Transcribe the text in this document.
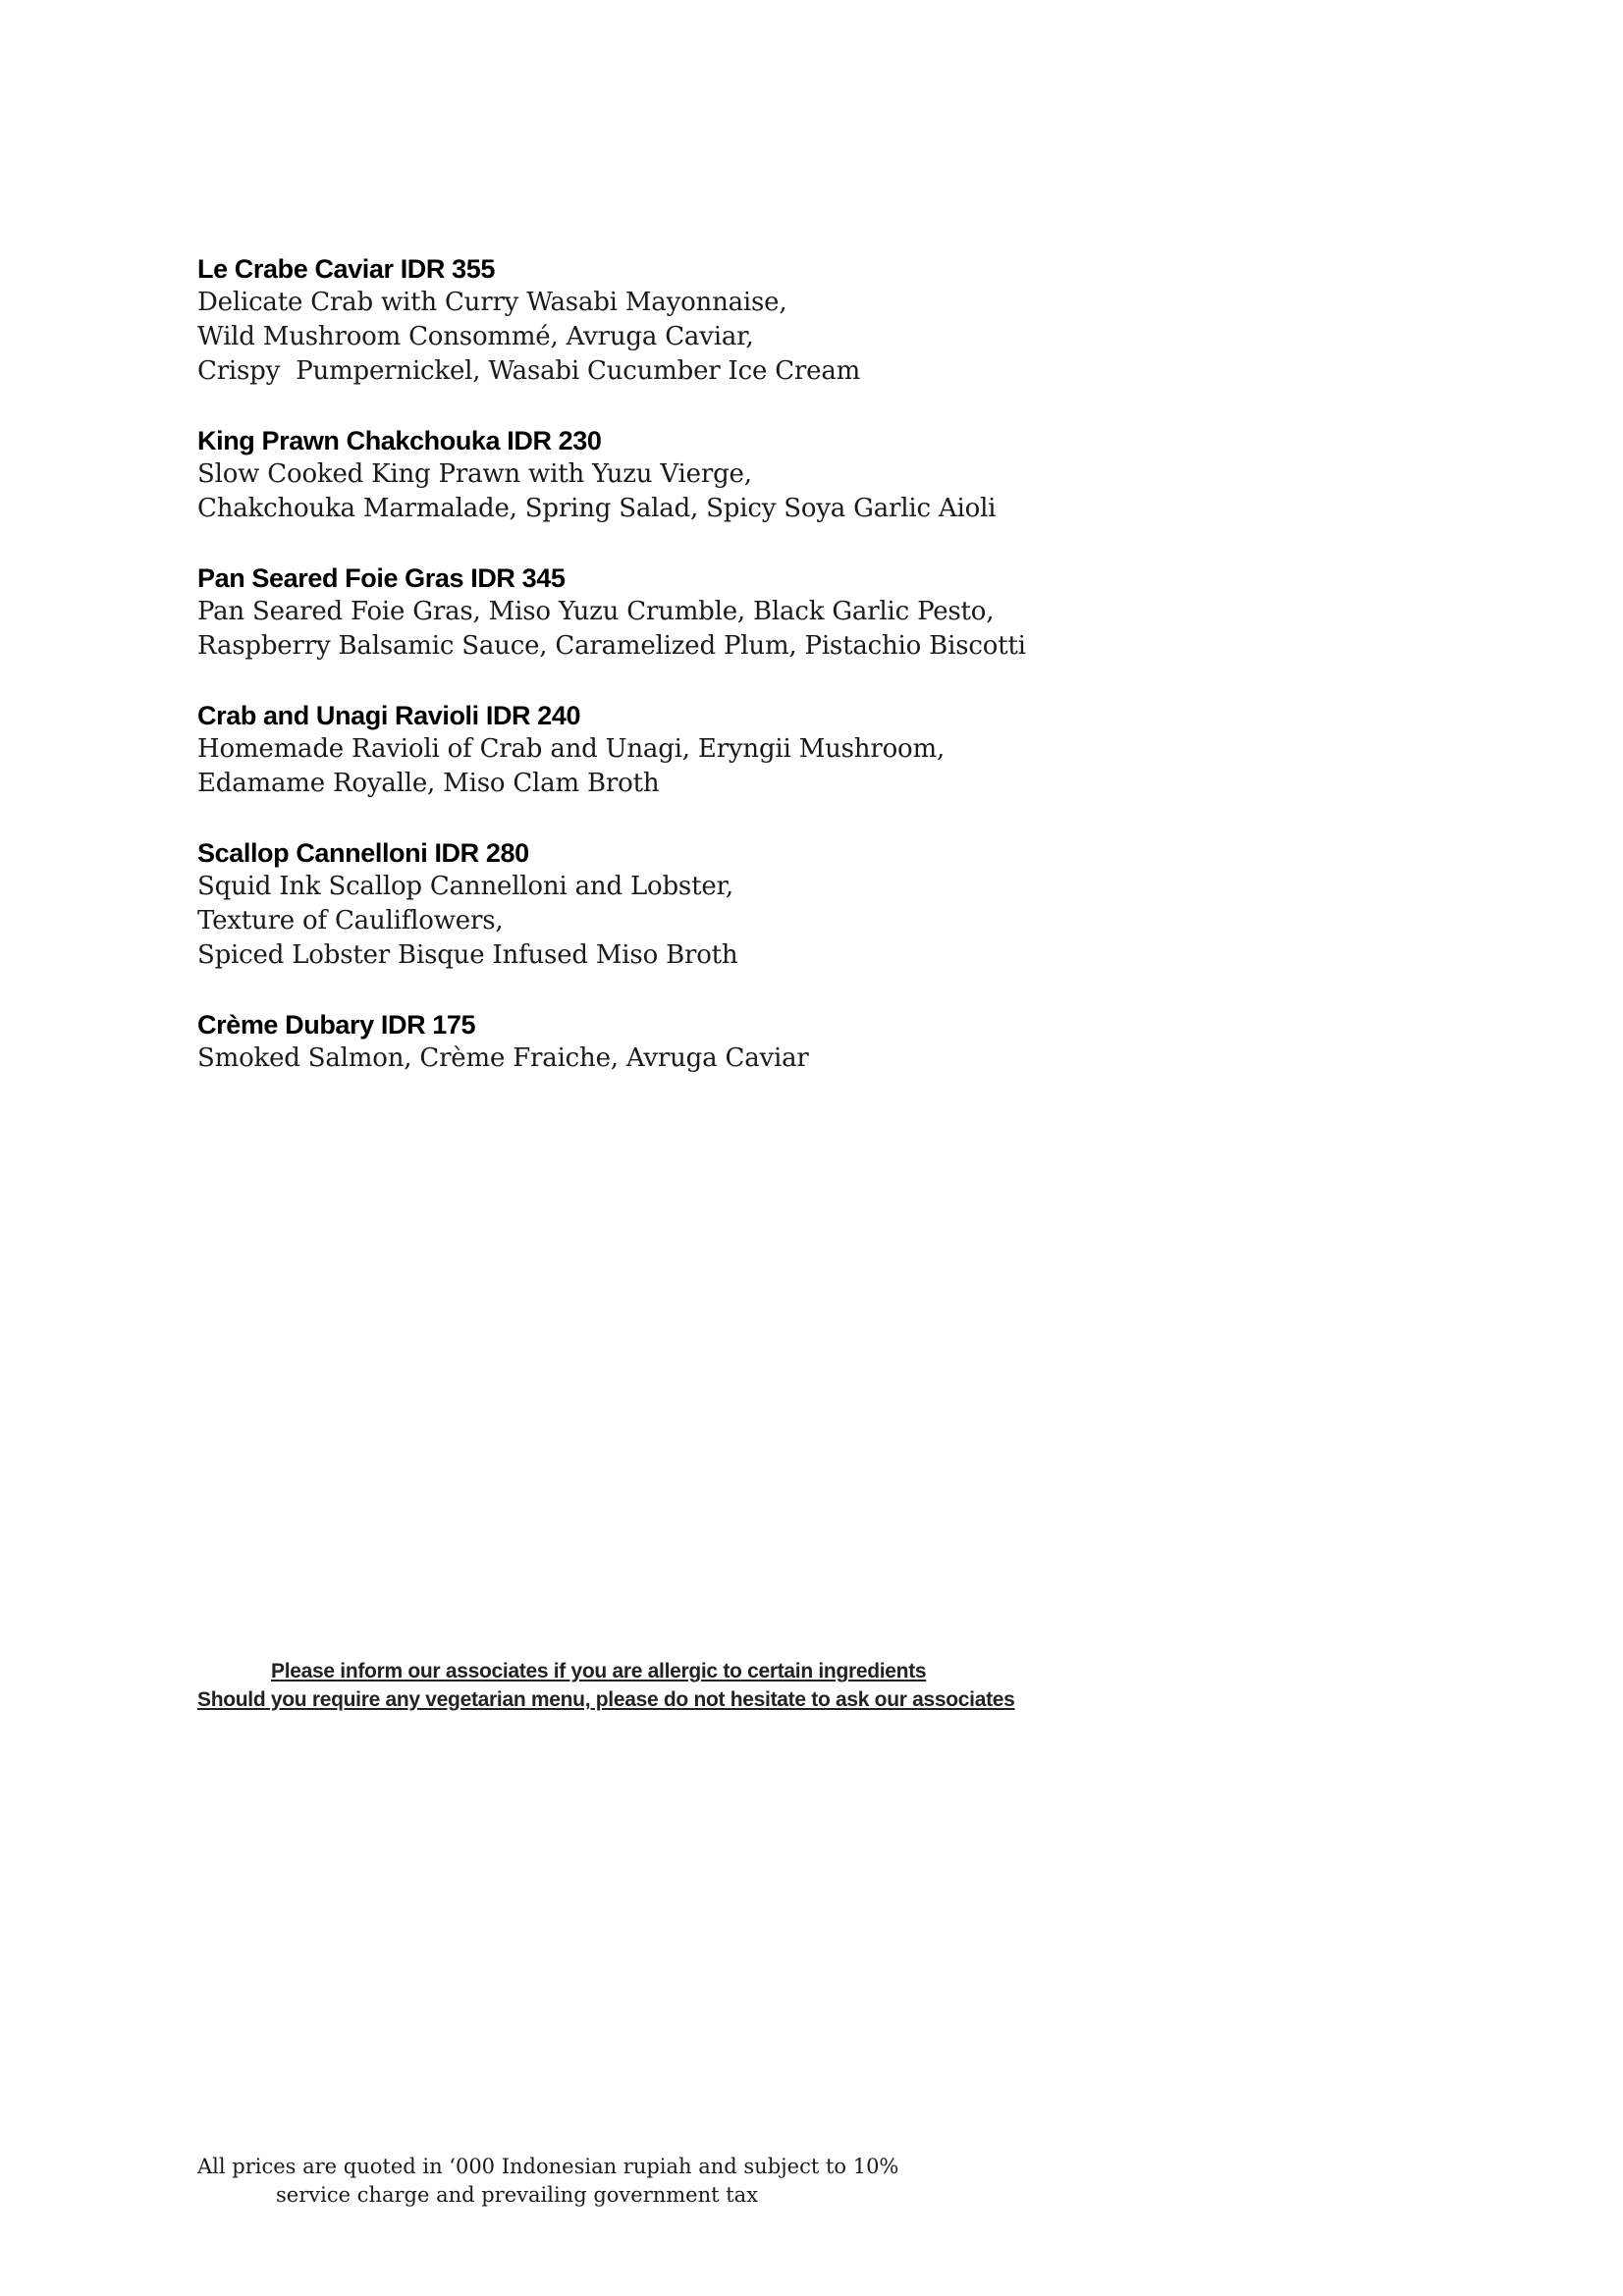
Le Crabe Caviar IDR 355
Delicate Crab with Curry Wasabi Mayonnaise,
Wild Mushroom Consommé, Avruga Caviar,
Crispy  Pumpernickel, Wasabi Cucumber Ice Cream
King Prawn Chakchouka IDR 230
Slow Cooked King Prawn with Yuzu Vierge,
Chakchouka Marmalade, Spring Salad, Spicy Soya Garlic Aioli
Pan Seared Foie Gras IDR 345
Pan Seared Foie Gras, Miso Yuzu Crumble, Black Garlic Pesto,
Raspberry Balsamic Sauce, Caramelized Plum, Pistachio Biscotti
Crab and Unagi Ravioli IDR 240
Homemade Ravioli of Crab and Unagi, Eryngii Mushroom,
Edamame Royalle, Miso Clam Broth
Scallop Cannelloni IDR 280
Squid Ink Scallop Cannelloni and Lobster,
Texture of Cauliflowers,
Spiced Lobster Bisque Infused Miso Broth
Crème Dubary IDR 175
Smoked Salmon, Crème Fraiche, Avruga Caviar
Please inform our associates if you are allergic to certain ingredients
Should you require any vegetarian menu, please do not hesitate to ask our associates
All prices are quoted in ‘000 Indonesian rupiah and subject to 10%
service charge and prevailing government tax
